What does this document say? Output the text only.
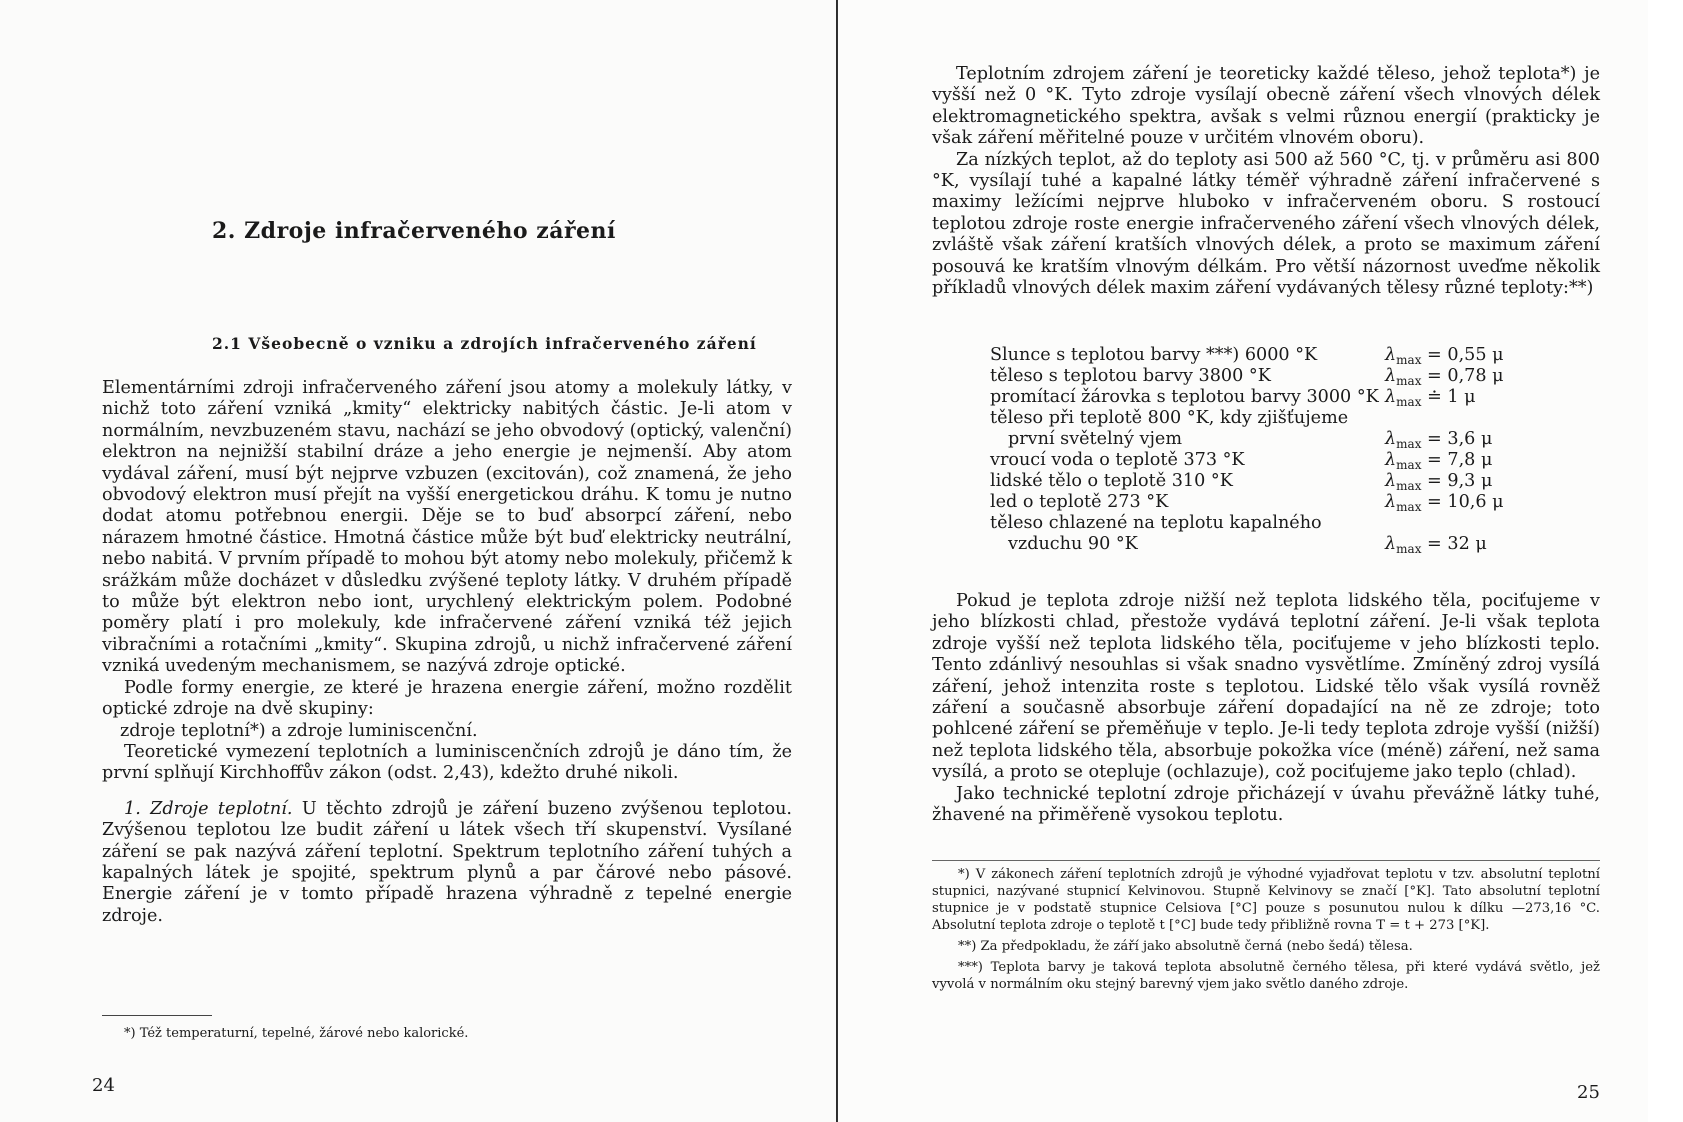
2. Zdroje infračerveného záření
2.1 Všeobecně o vzniku a zdrojích infračerveného záření

Elementárními zdroji infračerveného záření jsou atomy a molekuly látky, v nichž toto záření vzniká „kmity“ elektricky nabitých částic. Je-li atom v normálním, nevzbuzeném stavu, nachází se jeho obvodový (optický, valenční) elektron na nejnižší stabilní dráze a jeho energie je nejmenší. Aby atom vydával záření, musí být nejprve vzbuzen (excitován), což znamená, že jeho obvodový elektron musí přejít na vyšší energetickou dráhu. K tomu je nutno dodat atomu potřebnou energii. Děje se to buď absorpcí záření, nebo nárazem hmotné částice. Hmotná částice může být buď elektricky neutrální, nebo nabitá. V prvním případě to mohou být atomy nebo molekuly, přičemž k srážkám může docházet v důsledku zvýšené teploty látky. V druhém případě to může být elektron nebo iont, urychlený elektrickým polem. Podobné poměry platí i pro molekuly, kde infračervené záření vzniká též jejich vibračními a rotačními „kmity“. Skupina zdrojů, u nichž infračervené záření vzniká uvedeným mechanismem, se nazývá zdroje optické.

Podle formy energie, ze které je hrazena energie záření, možno rozdělit optické zdroje na dvě skupiny:

zdroje teplotní*) a zdroje luminiscenční.

Teoretické vymezení teplotních a luminiscenčních zdrojů je dáno tím, že první splňují Kirchhoffův zákon (odst. 2,43), kdežto druhé nikoli.

1. Zdroje teplotní. U těchto zdrojů je záření buzeno zvýšenou teplotou. Zvýšenou teplotou lze budit záření u látek všech tří skupenství. Vysílané záření se pak nazývá záření teplotní. Spektrum teplotního záření tuhých a kapalných látek je spojité, spektrum plynů a par čárové nebo pásové. Energie záření je v tomto případě hrazena výhradně z tepelné energie zdroje.

*) Též temperaturní, tepelné, žárové nebo kalorické.
24

Teplotním zdrojem záření je teoreticky každé těleso, jehož teplota*) je vyšší než 0 °K. Tyto zdroje vysílají obecně záření všech vlnových délek elektromagnetického spektra, avšak s velmi různou energií (prakticky je však záření měřitelné pouze v určitém vlnovém oboru).

Za nízkých teplot, až do teploty asi 500 až 560 °C, tj. v průměru asi 800 °K, vysílají tuhé a kapalné látky téměř výhradně záření infračervené s maximy ležícími nejprve hluboko v infračerveném oboru. S rostoucí teplotou zdroje roste energie infračerveného záření všech vlnových délek, zvláště však záření kratších vlnových délek, a proto se maximum záření posouvá ke kratším vlnovým délkám. Pro větší názornost uveďme několik příkladů vlnových délek maxim záření vydávaných tělesy různé teploty:**)

Slunce s teplotou barvy ***) 6000 °K	$\lambda_{max} = 0,55$ μ
těleso s teplotou barvy 3800 °K	$\lambda_{max} = 0,78$ μ
promítací žárovka s teplotou barvy 3000 °K $\lambda_{max}$ ≐ 1 μ
těleso při teplotě 800 °K, kdy zjišťujeme
první světelný vjem	$\lambda_{max} = 3,6$ μ
vroucí voda o teplotě 373 °K	$\lambda_{max} = 7,8$ μ
lidské tělo o teplotě 310 °K	$\lambda_{max} = 9,3$ μ
led o teplotě 273 °K	$\lambda_{max} = 10,6$ μ
těleso chlazené na teplotu kapalného
vzduchu 90 °K	$\lambda_{max} = 32$ μ

Pokud je teplota zdroje nižší než teplota lidského těla, pociťujeme v jeho blízkosti chlad, přestože vydává teplotní záření. Je-li však teplota zdroje vyšší než teplota lidského těla, pociťujeme v jeho blízkosti teplo. Tento zdánlivý nesouhlas si však snadno vysvětlíme. Zmíněný zdroj vysílá záření, jehož intenzita roste s teplotou. Lidské tělo však vysílá rovněž záření a současně absorbuje záření dopadající na ně ze zdroje; toto pohlcené záření se přeměňuje v teplo. Je-li tedy teplota zdroje vyšší (nižší) než teplota lidského těla, absorbuje pokožka více (méně) záření, než sama vysílá, a proto se otepluje (ochlazuje), což pociťujeme jako teplo (chlad).

Jako technické teplotní zdroje přicházejí v úvahu převážně látky tuhé, žhavené na přiměřeně vysokou teplotu.

*) V zákonech záření teplotních zdrojů je výhodné vyjadřovat teplotu v tzv. absolutní teplotní stupnici, nazývané stupnicí Kelvinovou. Stupně Kelvinovy se značí [°K]. Tato absolutní teplotní stupnice je v podstatě stupnice Celsiova [°C] pouze s posunutou nulou k dílku —273,16 °C. Absolutní teplota zdroje o teplotě t [°C] bude tedy přibližně rovna T = t + 273 [°K].

**) Za předpokladu, že září jako absolutně černá (nebo šedá) tělesa.

***) Teplota barvy je taková teplota absolutně černého tělesa, při které vydává světlo, jež vyvolá v normálním oku stejný barevný vjem jako světlo daného zdroje.

25
